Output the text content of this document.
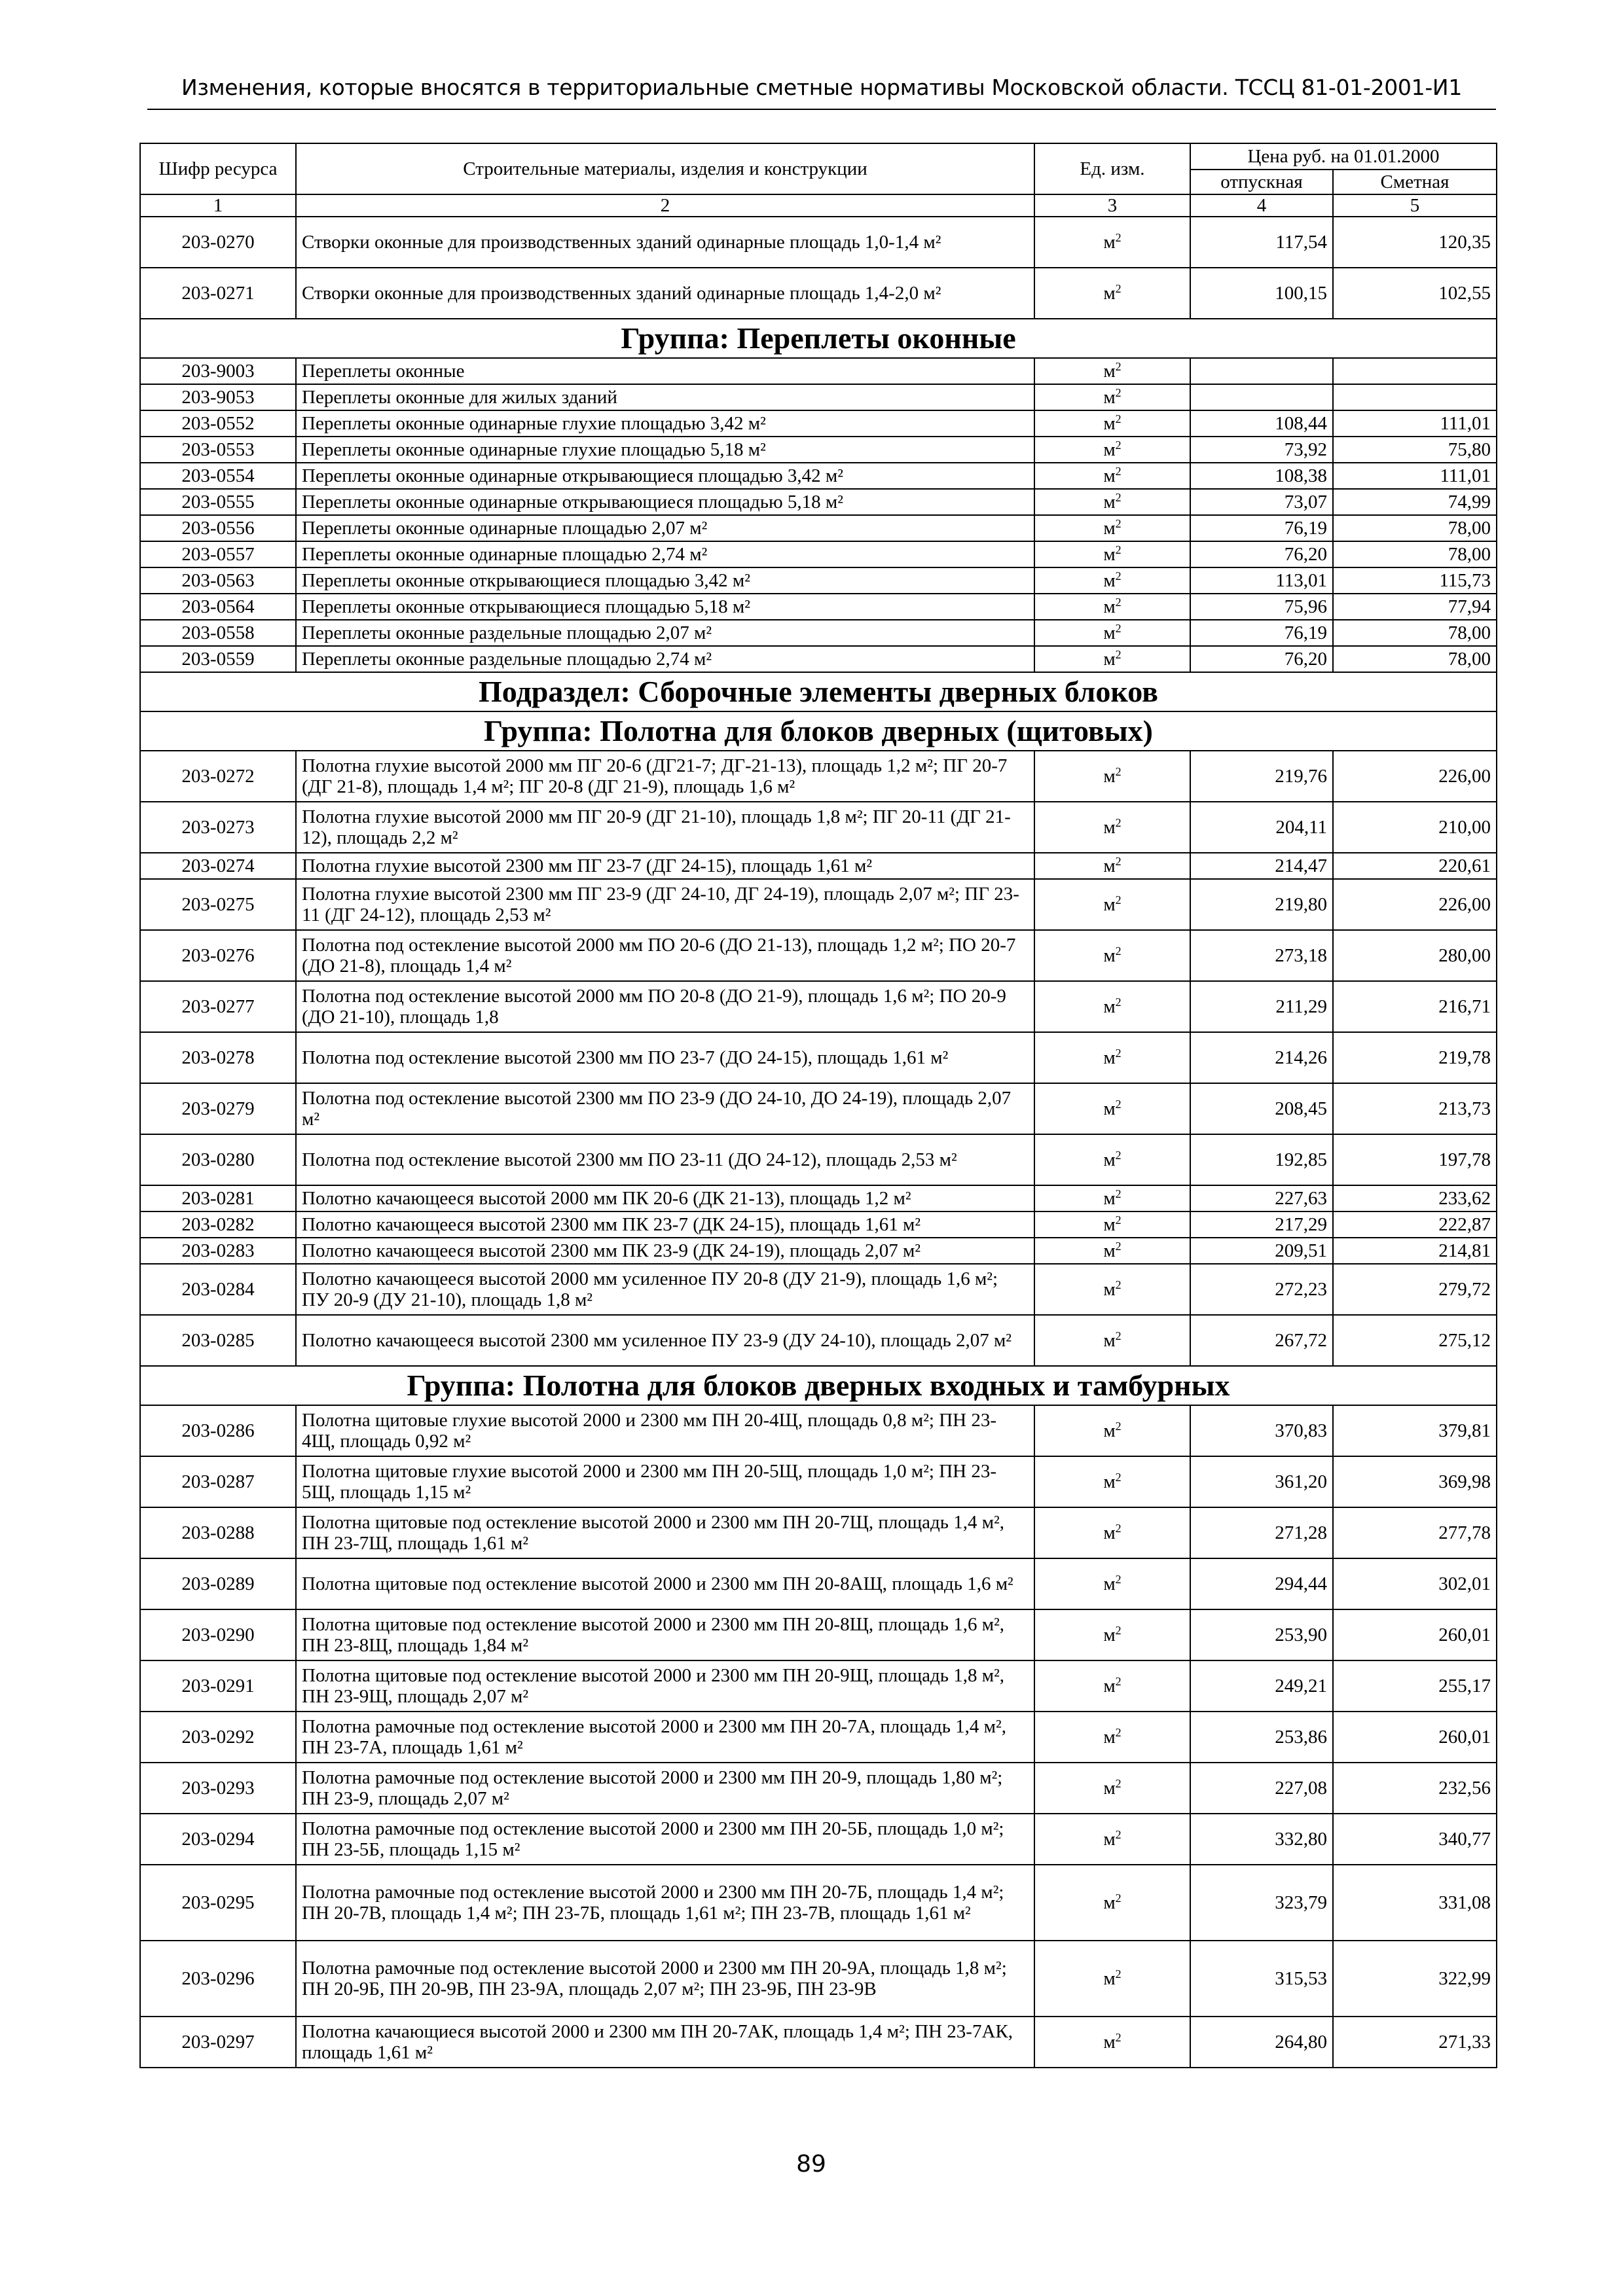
Изменения, которые вносятся в территориальные сметные нормативы Московской области. ТССЦ 81-01-2001-И1
Шифр ресурса	Строительные материалы, изделия и конструкции	Ед. изм.	Цена руб. на 01.01.2000	
			отпускная	Сметная
1	2	3	4	5
203-0270	Створки оконные для производственных зданий одинарные площадь 1,0-1,4 м²	$м^2$	117,54	120,35
203-0271	Створки оконные для производственных зданий одинарные площадь 1,4-2,0 м²	$м^2$	100,15	102,55
Группа: Переплеты оконные				
203-9003	Переплеты оконные	$м^2$		
203-9053	Переплеты оконные для жилых зданий	$м^2$		
203-0552	Переплеты оконные одинарные глухие площадью 3,42 м²	$м^2$	108,44	111,01
203-0553	Переплеты оконные одинарные глухие площадью 5,18 м²	$м^2$	73,92	75,80
203-0554	Переплеты оконные одинарные открывающиеся площадью 3,42 м²	$м^2$	108,38	111,01
203-0555	Переплеты оконные одинарные открывающиеся площадью 5,18 м²	$м^2$	73,07	74,99
203-0556	Переплеты оконные одинарные площадью 2,07 м²	$м^2$	76,19	78,00
203-0557	Переплеты оконные одинарные площадью 2,74 м²	$м^2$	76,20	78,00
203-0563	Переплеты оконные открывающиеся площадью 3,42 м²	$м^2$	113,01	115,73
203-0564	Переплеты оконные открывающиеся площадью 5,18 м²	$м^2$	75,96	77,94
203-0558	Переплеты оконные раздельные площадью 2,07 м²	$м^2$	76,19	78,00
203-0559	Переплеты оконные раздельные площадью 2,74 м²	$м^2$	76,20	78,00
Подраздел: Сборочные элементы дверных блоков				
Группа: Полотна для блоков дверных (щитовых)				
203-0272	Полотна глухие высотой 2000 мм ПГ 20-6 (ДГ21-7; ДГ-21-13), площадь 1,2 м²; ПГ 20-7 (ДГ 21-8), площадь 1,4 м²; ПГ 20-8 (ДГ 21-9), площадь 1,6 м²	$м^2$	219,76	226,00
203-0273	Полотна глухие высотой 2000 мм ПГ 20-9 (ДГ 21-10), площадь 1,8 м²; ПГ 20-11 (ДГ 21-12), площадь 2,2 м²	$м^2$	204,11	210,00
203-0274	Полотна глухие высотой 2300 мм ПГ 23-7 (ДГ 24-15), площадь 1,61 м²	$м^2$	214,47	220,61
203-0275	Полотна глухие высотой 2300 мм ПГ 23-9 (ДГ 24-10, ДГ 24-19), площадь 2,07 м²; ПГ 23-11 (ДГ 24-12), площадь 2,53 м²	$м^2$	219,80	226,00
203-0276	Полотна под остекление высотой 2000 мм ПО 20-6 (ДО 21-13), площадь 1,2 м²; ПО 20-7 (ДО 21-8), площадь 1,4 м²	$м^2$	273,18	280,00
203-0277	Полотна под остекление высотой 2000 мм ПО 20-8 (ДО 21-9), площадь 1,6 м²; ПО 20-9 (ДО 21-10), площадь 1,8	$м^2$	211,29	216,71
203-0278	Полотна под остекление высотой 2300 мм ПО 23-7 (ДО 24-15), площадь 1,61 м²	$м^2$	214,26	219,78
203-0279	Полотна под остекление высотой 2300 мм ПО 23-9 (ДО 24-10, ДО 24-19), площадь 2,07 м²	$м^2$	208,45	213,73
203-0280	Полотна под остекление высотой 2300 мм ПО 23-11 (ДО 24-12), площадь 2,53 м²	$м^2$	192,85	197,78
203-0281	Полотно качающееся высотой 2000 мм ПК 20-6 (ДК 21-13), площадь 1,2 м²	$м^2$	227,63	233,62
203-0282	Полотно качающееся высотой 2300 мм ПК 23-7 (ДК 24-15), площадь 1,61 м²	$м^2$	217,29	222,87
203-0283	Полотно качающееся высотой 2300 мм ПК 23-9 (ДК 24-19), площадь 2,07 м²	$м^2$	209,51	214,81
203-0284	Полотно качающееся высотой 2000 мм усиленное ПУ 20-8 (ДУ 21-9), площадь 1,6 м²; ПУ 20-9 (ДУ 21-10), площадь 1,8 м²	$м^2$	272,23	279,72
203-0285	Полотно качающееся высотой 2300 мм усиленное ПУ 23-9 (ДУ 24-10), площадь 2,07 м²	$м^2$	267,72	275,12
Группа: Полотна для блоков дверных входных и тамбурных				
203-0286	Полотна щитовые глухие высотой 2000 и 2300 мм ПН 20-4Щ, площадь 0,8 м²; ПН 23-4Щ, площадь 0,92 м²	$м^2$	370,83	379,81
203-0287	Полотна щитовые глухие высотой 2000 и 2300 мм ПН 20-5Щ, площадь 1,0 м²; ПН 23-5Щ, площадь 1,15 м²	$м^2$	361,20	369,98
203-0288	Полотна щитовые под остекление высотой 2000 и 2300 мм ПН 20-7Щ, площадь 1,4 м², ПН 23-7Щ, площадь 1,61 м²	$м^2$	271,28	277,78
203-0289	Полотна щитовые под остекление высотой 2000 и 2300 мм ПН 20-8АЩ, площадь 1,6 м²	$м^2$	294,44	302,01
203-0290	Полотна щитовые под остекление высотой 2000 и 2300 мм ПН 20-8Щ, площадь 1,6 м², ПН 23-8Щ, площадь 1,84 м²	$м^2$	253,90	260,01
203-0291	Полотна щитовые под остекление высотой 2000 и 2300 мм ПН 20-9Щ, площадь 1,8 м², ПН 23-9Щ, площадь 2,07 м²	$м^2$	249,21	255,17
203-0292	Полотна рамочные под остекление высотой 2000 и 2300 мм ПН 20-7А, площадь 1,4 м², ПН 23-7А, площадь 1,61 м²	$м^2$	253,86	260,01
203-0293	Полотна рамочные под остекление высотой 2000 и 2300 мм ПН 20-9, площадь 1,80 м²; ПН 23-9, площадь 2,07 м²	$м^2$	227,08	232,56
203-0294	Полотна рамочные под остекление высотой 2000 и 2300 мм ПН 20-5Б, площадь 1,0 м²; ПН 23-5Б, площадь 1,15 м²	$м^2$	332,80	340,77
203-0295	Полотна рамочные под остекление высотой 2000 и 2300 мм ПН 20-7Б, площадь 1,4 м²; ПН 20-7В, площадь 1,4 м²; ПН 23-7Б, площадь 1,61 м²; ПН 23-7В, площадь 1,61 м²	$м^2$	323,79	331,08
203-0296	Полотна рамочные под остекление высотой 2000 и 2300 мм ПН 20-9А, площадь 1,8 м²; ПН 20-9Б, ПН 20-9В, ПН 23-9А, площадь 2,07 м²; ПН 23-9Б, ПН 23-9В	$м^2$	315,53	322,99
203-0297	Полотна качающиеся высотой 2000 и 2300 мм ПН 20-7АК, площадь 1,4 м²; ПН 23-7АК, площадь 1,61 м²	$м^2$	264,80	271,33
89
